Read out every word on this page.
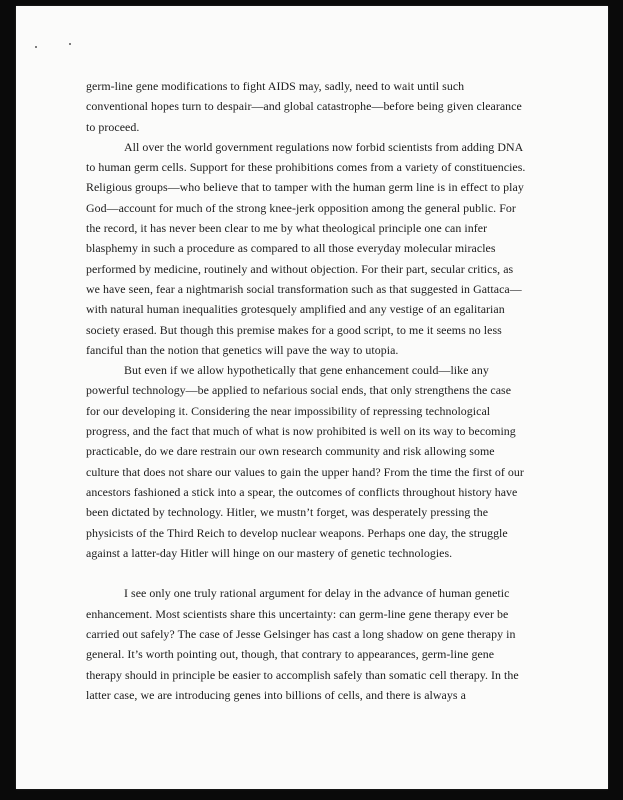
germ-line gene modifications to fight AIDS may, sadly, need to wait until such conventional hopes turn to despair—and global catastrophe—before being given clearance to proceed.

All over the world government regulations now forbid scientists from adding DNA to human germ cells. Support for these prohibitions comes from a variety of constituencies. Religious groups—who believe that to tamper with the human germ line is in effect to play God—account for much of the strong knee-jerk opposition among the general public. For the record, it has never been clear to me by what theological principle one can infer blasphemy in such a procedure as compared to all those everyday molecular miracles performed by medicine, routinely and without objection. For their part, secular critics, as we have seen, fear a nightmarish social transformation such as that suggested in Gattaca—with natural human inequalities grotesquely amplified and any vestige of an egalitarian society erased. But though this premise makes for a good script, to me it seems no less fanciful than the notion that genetics will pave the way to utopia.

But even if we allow hypothetically that gene enhancement could—like any powerful technology—be applied to nefarious social ends, that only strengthens the case for our developing it. Considering the near impossibility of repressing technological progress, and the fact that much of what is now prohibited is well on its way to becoming practicable, do we dare restrain our own research community and risk allowing some culture that does not share our values to gain the upper hand? From the time the first of our ancestors fashioned a stick into a spear, the outcomes of conflicts throughout history have been dictated by technology. Hitler, we mustn’t forget, was desperately pressing the physicists of the Third Reich to develop nuclear weapons. Perhaps one day, the struggle against a latter-day Hitler will hinge on our mastery of genetic technologies.

I see only one truly rational argument for delay in the advance of human genetic enhancement. Most scientists share this uncertainty: can germ-line gene therapy ever be carried out safely? The case of Jesse Gelsinger has cast a long shadow on gene therapy in general. It’s worth pointing out, though, that contrary to appearances, germ-line gene therapy should in principle be easier to accomplish safely than somatic cell therapy. In the latter case, we are introducing genes into billions of cells, and there is always a
